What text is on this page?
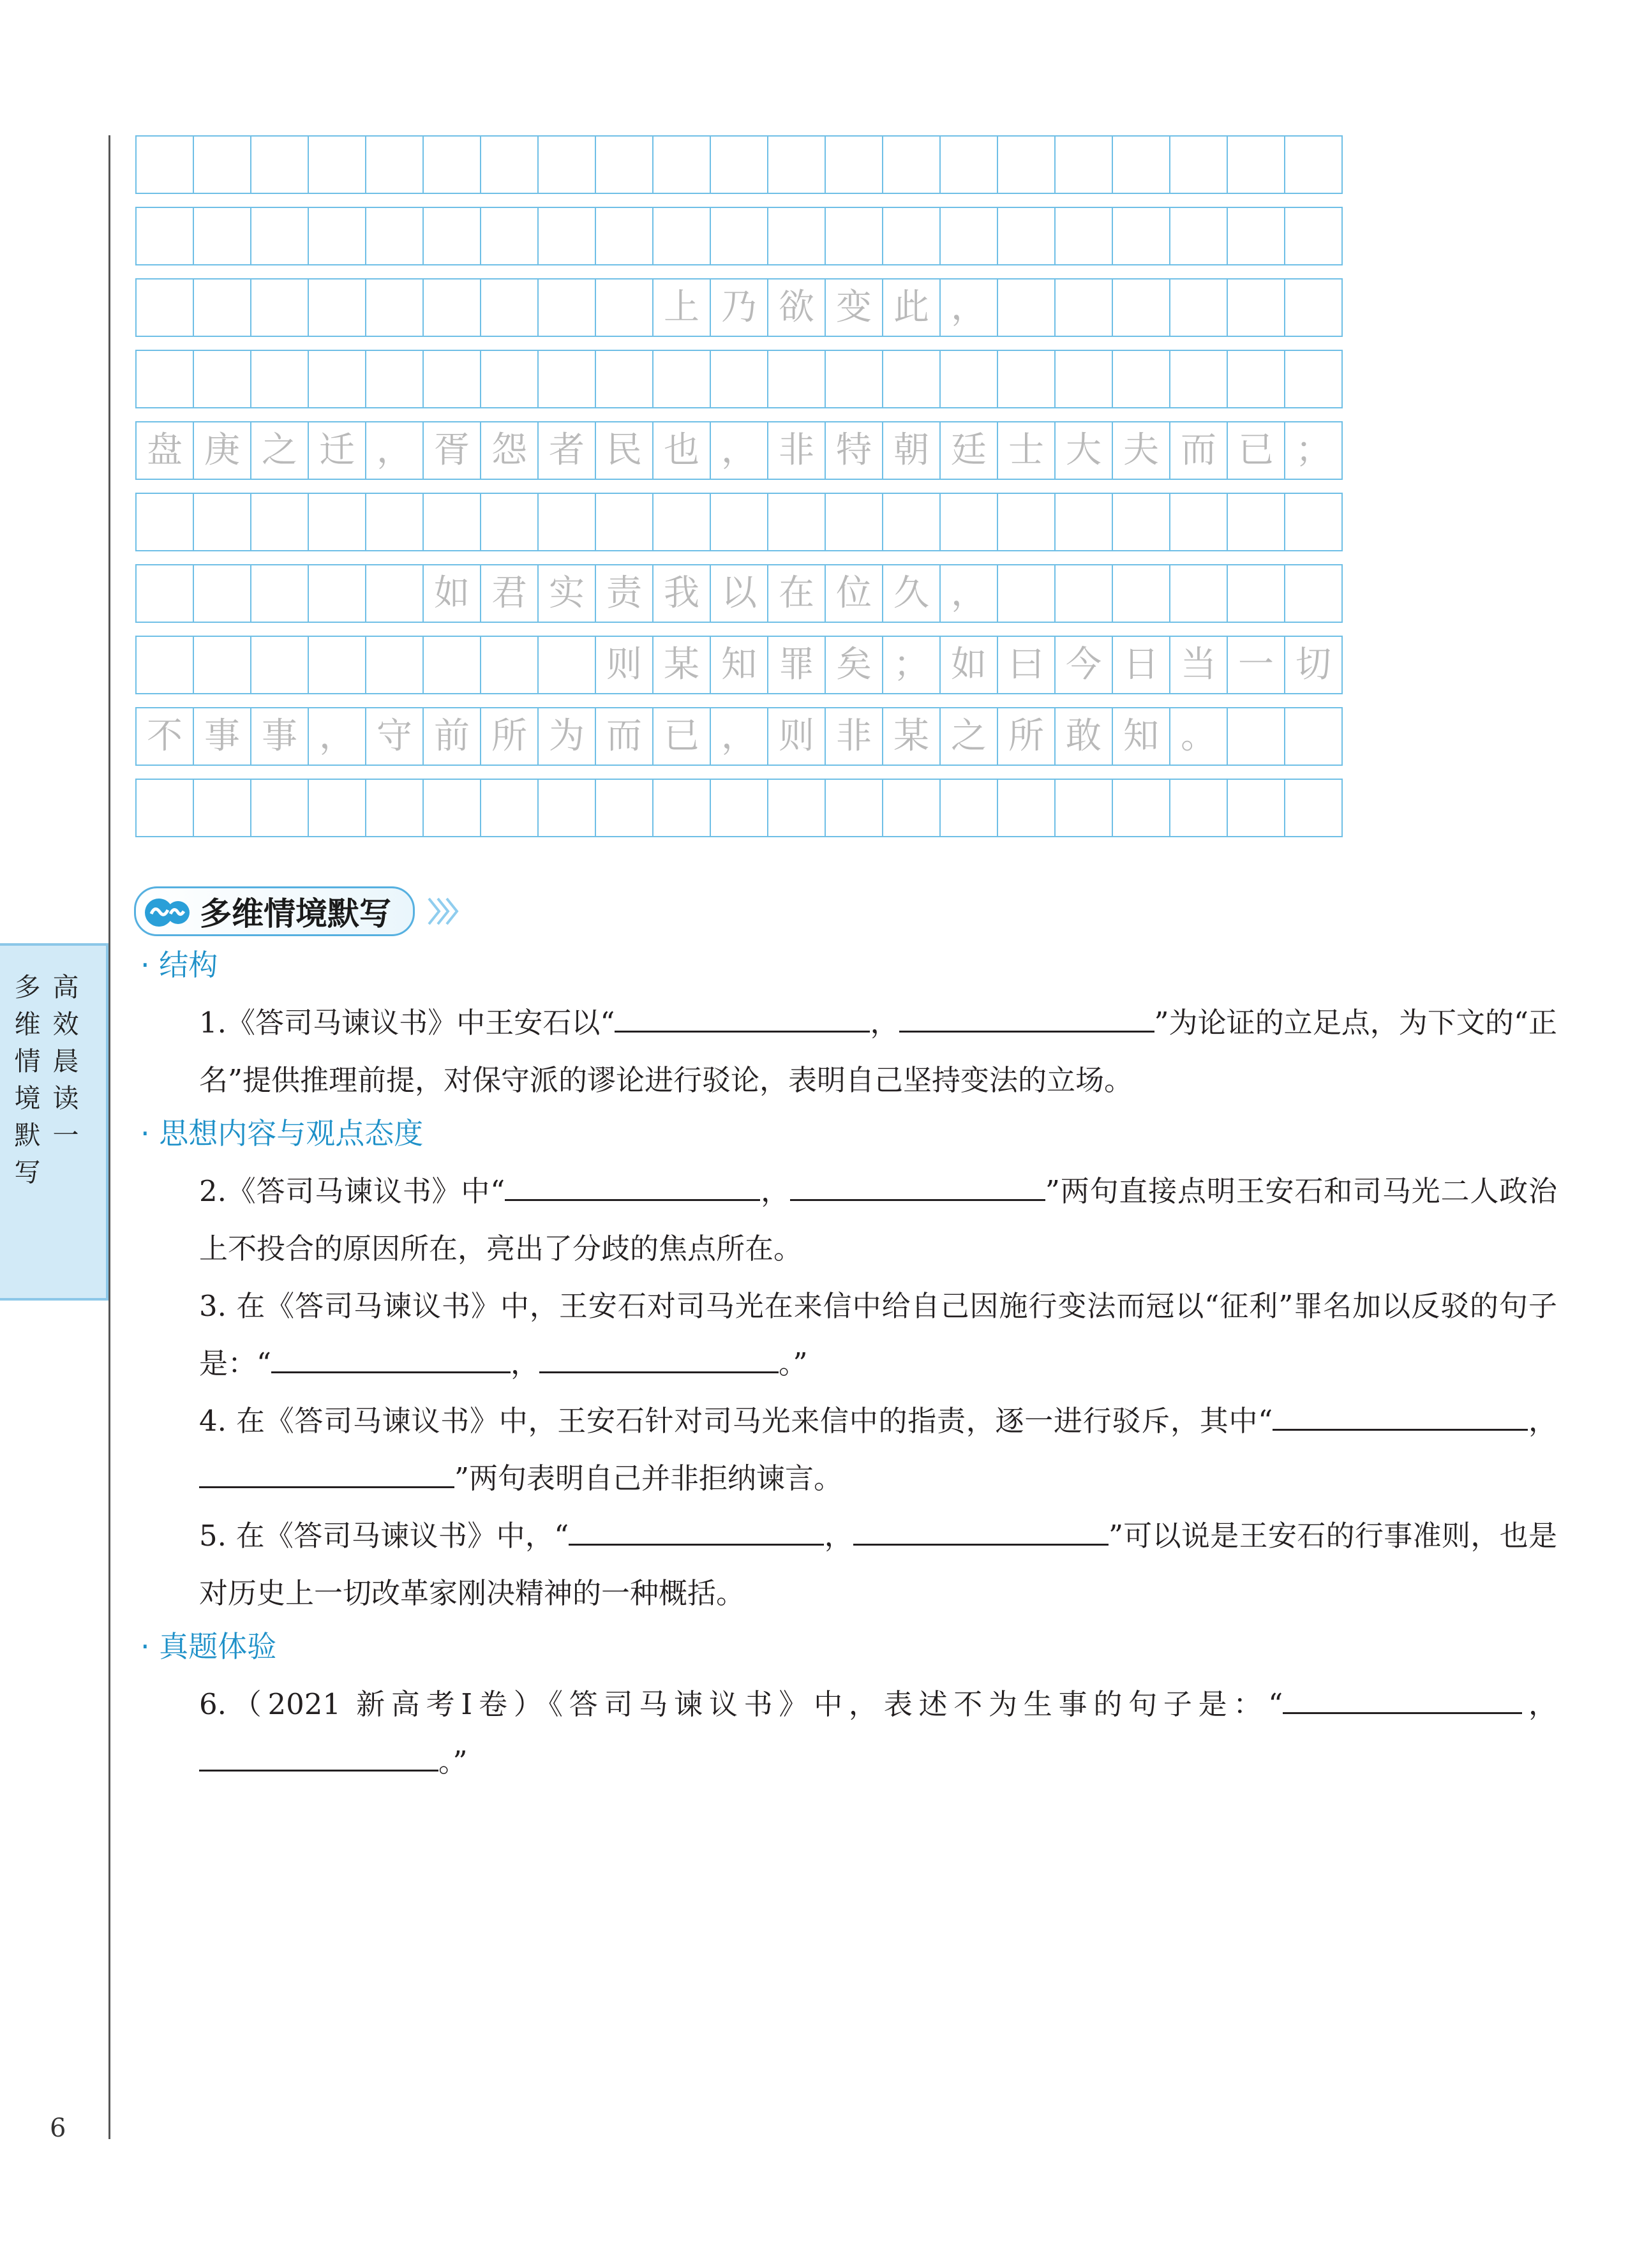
高
效
晨
读
一
多
维
情
境
默
写
上 乃 欲 变 此 ，
盘 庚 之 迁 ， 胥 怨 者 民 也 ， 非 特 朝 廷 士 大 夫 而 已 ；
如 君 实 责 我 以 在 位 久 ，
则 某 知 罪 矣 ； 如 曰 今 日 当 一 切
不 事 事 ， 守 前 所 为 而 已 ， 则 非 某 之 所 敢 知 。
多维情境默写
· 结构
1.《答司马谏议书》中王安石以“	，	”为论证的立足点，为下文的“正名”提供推理前提，对保守派的谬论进行驳论，表明自己坚持变法的立场。
· 思想内容与观点态度
2.《答司马谏议书》中“	，	”两句直接点明王安石和司马光二人政治上不投合的原因所在，亮出了分歧的焦点所在。
3. 在《答司马谏议书》中，王安石对司马光在来信中给自己因施行变法而冠以“征利”罪名加以反驳的句子是：“	，	。”
4. 在《答司马谏议书》中，王安石针对司马光来信中的指责，逐一进行驳斥，其中“	，”两句表明自己并非拒纳谏言。
5. 在《答司马谏议书》中，“	，	”可以说是王安石的行事准则，也是对历史上一切改革家刚决精神的一种概括。
· 真题体验
6.（2021 新高考Ⅰ卷）《答司马谏议书》中，表述不为生事的句子是：“	，。”
6
